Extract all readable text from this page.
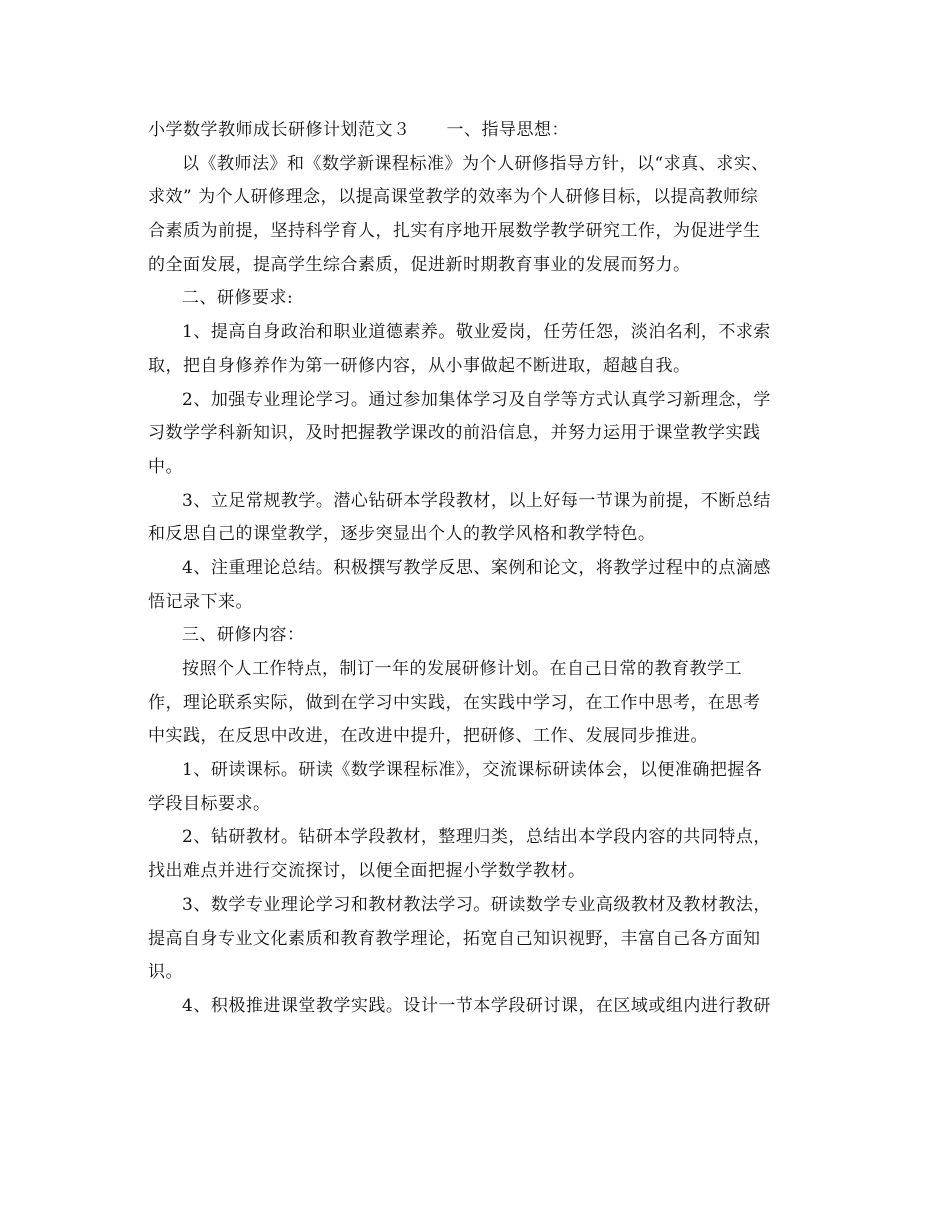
小学数学教师成长研修计划范文３ 一、指导思想：
以《教师法》和《数学新课程标准》为个人研修指导方针，以“求真、求实、
求效” 为个人研修理念，以提高课堂教学的效率为个人研修目标，以提高教师综
合素质为前提，坚持科学育人，扎实有序地开展数学教学研究工作，为促进学生
的全面发展，提高学生综合素质，促进新时期教育事业的发展而努力。
二、研修要求:
1、提高自身政治和职业道德素养。敬业爱岗，任劳任怨，淡泊名利，不求索
取，把自身修养作为第一研修内容，从小事做起不断进取，超越自我。
2、加强专业理论学习。通过参加集体学习及自学等方式认真学习新理念，学
习数学学科新知识，及时把握教学课改的前沿信息，并努力运用于课堂教学实践
中。
3、立足常规教学。潜心钻研本学段教材，以上好每一节课为前提，不断总结
和反思自己的课堂教学，逐步突显出个人的教学风格和教学特色。
4、注重理论总结。积极撰写教学反思、案例和论文，将教学过程中的点滴感
悟记录下来。
三、研修内容：
按照个人工作特点，制订一年的发展研修计划。在自己日常的教育教学工
作，理论联系实际，做到在学习中实践，在实践中学习，在工作中思考，在思考
中实践，在反思中改进，在改进中提升，把研修、工作、发展同步推进。
1、研读课标。研读《数学课程标准》，交流课标研读体会，以便准确把握各
学段目标要求。
2、钻研教材。钻研本学段教材，整理归类，总结出本学段内容的共同特点，
找出难点并进行交流探讨，以便全面把握小学数学教材。
3、数学专业理论学习和教材教法学习。研读数学专业高级教材及教材教法，
提高自身专业文化素质和教育教学理论，拓宽自己知识视野，丰富自己各方面知
识。
4、积极推进课堂教学实践。设计一节本学段研讨课，在区域或组内进行教研
